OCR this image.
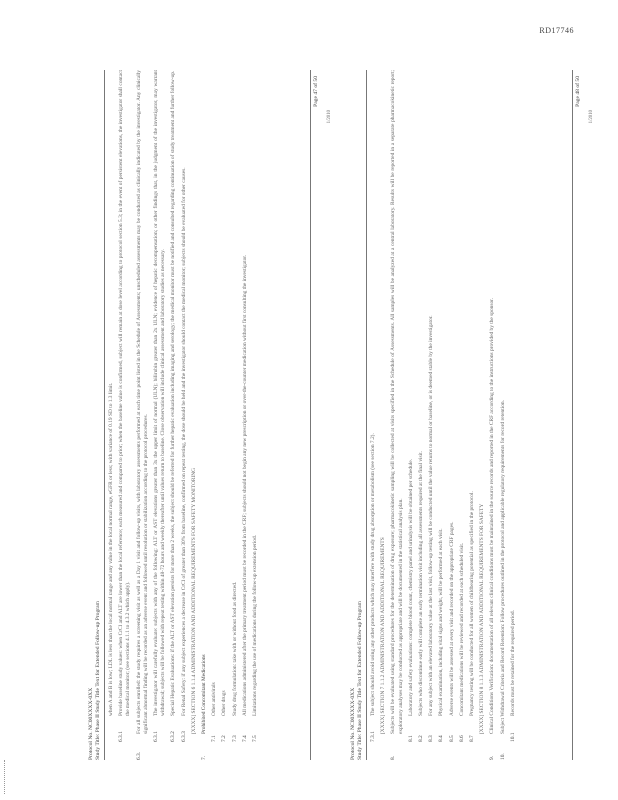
RD17746
Protocol No. NC00XXXX-0XX Study Title: Phase II Study Title Text for Extended Follow-up Program when A and B is low; LDL is less than the local normal range and any value in the local normal range, eGFR or less; with variance of 0.19 SD to 1.3 limit.
6.3.1
Provide baseline study values: when CrCl and ALT are lower than the local reference; each measured and compared to prior; when the baseline value is confirmed, subject will remain at dose level according to protocol section 5.3; in the event of persistent elevations, the investigator shall contact the medical monitor; (see sections 4.1.1 to 4.3.2 which apply).
6.3.
For all subjects enrolled: the study requires a screening visit as well as a Day 1 visit and follow-up visits, with laboratory assessments performed at each time point listed in the Schedule of Assessments; unscheduled assessments may be conducted as clinically indicated by the investigator. Any clinically significant abnormal finding will be recorded as an adverse event and followed until resolution or stabilization according to the protocol procedures.
6.3.1
The investigator will carefully evaluate: subjects with any of the following: ALT or AST elevations greater than 3x the upper limit of normal (ULN); bilirubin greater than 2x ULN; evidence of hepatic decompensation; or other findings that, in the judgment of the investigator, may warrant withdrawal; subjects will be followed with repeat testing within 48-72 hours and weekly thereafter until values return to baseline. Close observation will include clinical assessment and laboratory studies as necessary.
6.3.2
Special Hepatic Evaluations: if the ALT or AST elevation persists for more than 2 weeks, the subject should be referred for further hepatic evaluation including imaging and serology; the medical monitor must be notified and consulted regarding continuation of study treatment and further follow-up.
6.3.3
For Renal Safety: if any subject experiences a decrease in CrCl of greater than 30% from baseline, confirmed on repeat testing, the dose should be held and the investigator should contact the medical monitor; subjects should be evaluated for other causes. [XXXX] SECTION 6 1.1.4 ADMINISTRATION AND ADDITIONAL REQUIREMENTS FOR SAFETY MONITORING
7.
Prohibited Concomitant Medications
7.1
Other antivirals
7.2
Other drugs
7.3
Study drug formulation: take with or without food as directed.
7.4
All medications administered after the primary treatment period must be recorded in the CRF; subjects should not begin any new prescription or over-the-counter medication without first consulting the investigator.
7.5
Limitations regarding the use of medications during the follow-up extension period.
Page 47 of 50
1/2010
Protocol No. NC00XXXX-0XX Study Title: Phase II Study Title Text for Extended Follow-up Program 7.3.1
The subject should avoid using any other products which may interfere with study drug absorption or metabolism (see section 7.2). [XXXX] SECTION 7 1.1.2 ADMINISTRATION AND ADDITIONAL REQUIREMENTS
8.
Subjects will be evaluated using standard procedures for the determination of drug exposure; pharmacokinetic sampling will be collected at visits specified in the Schedule of Assessments. All samples will be analyzed at a central laboratory. Results will be reported in a separate pharmacokinetic report; exploratory analyses may be conducted as appropriate and will be documented in the statistical analysis plan.
8.1
Laboratory and safety evaluations: complete blood count, chemistry panel and urinalysis will be obtained per schedule.
8.2
Subjects who discontinue early will complete an early termination visit including all assessments required at the final visit.
8.3
For any subject with an elevated laboratory value at the last visit, follow-up testing will be conducted until the value returns to normal or baseline, or is deemed stable by the investigator.
8.4
Physical examination, including vital signs and weight, will be performed at each visit.
8.5
Adverse events will be assessed at every visit and recorded on the appropriate CRF pages.
8.6
Concomitant medications will be reviewed and recorded at each scheduled visit.
8.7
Pregnancy testing will be conducted for all women of childbearing potential as specified in the protocol. [XXXX] SECTION 8 1.1.3 ADMINISTRATION AND ADDITIONAL REQUIREMENTS FOR SAFETY
9.
Clinical Conditions Verification: documentation of all relevant clinical conditions must be maintained in the source records and reported in the CRF according to the instructions provided by the sponsor.
10.
Subject Withdrawal Criteria and Record Retention: Follow procedures outlined in the protocol and applicable regulatory requirements for record retention.
10.1
Records must be retained for the required period.
Page 48 of 50
1/2010
